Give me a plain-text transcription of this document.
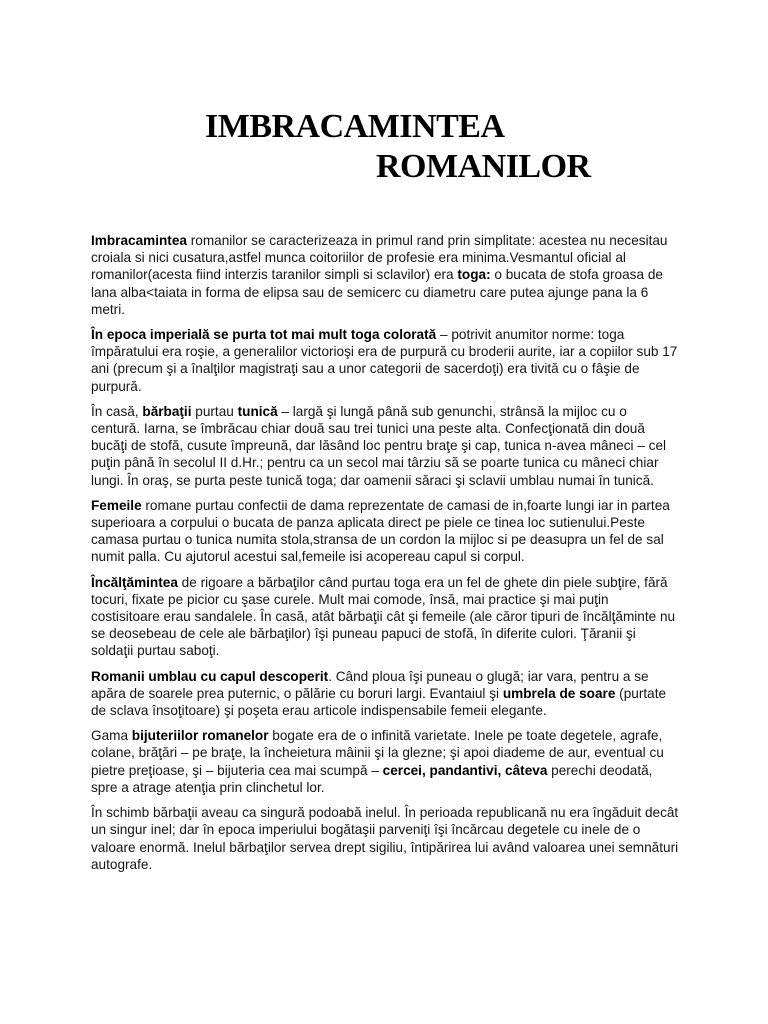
IMBRACAMINTEA
ROMANILOR

Imbracamintea romanilor se caracterizeaza in primul rand prin simplitate: acestea nu necesitau croiala si nici cusatura,astfel munca coitoriilor de profesie era minima.Vesmantul oficial al romanilor(acesta fiind interzis taranilor simpli si sclavilor) era toga: o bucata de stofa groasa de lana alba<taiata in forma de elipsa sau de semicerc cu diametru care putea ajunge pana la 6 metri.

În epoca imperială se purta tot mai mult toga colorată – potrivit anumitor norme: toga împăratului era roşie, a generalilor victorioşi era de purpură cu broderii aurite, iar a copiilor sub 17 ani (precum şi a înalţilor magistraţi sau a unor categorii de sacerdoţi) era tivită cu o fâşie de purpură.

În casă, bărbaţii purtau tunică – largă şi lungă până sub genunchi, strânsă la mijloc cu o centură. Iarna, se îmbrăcau chiar două sau trei tunici una peste alta. Confecţionată din două bucăţi de stofă, cusute împreună, dar lăsând loc pentru braţe şi cap, tunica n-avea mâneci – cel puţin până în secolul II d.Hr.; pentru ca un secol mai târziu să se poarte tunica cu mâneci chiar lungi. În oraş, se purta peste tunică toga; dar oamenii săraci şi sclavii umblau numai în tunică.

Femeile romane purtau confectii de dama reprezentate de camasi de in,foarte lungi iar in partea superioara a corpului o bucata de panza aplicata direct pe piele ce tinea loc sutienului.Peste camasa purtau o tunica numita stola,stransa de un cordon la mijloc si pe deasupra un fel de sal numit palla. Cu ajutorul acestui sal,femeile isi acopereau capul si corpul.

Încălţămintea de rigoare a bărbaţilor când purtau toga era un fel de ghete din piele subţire, fără tocuri, fixate pe picior cu şase curele. Mult mai comode, însă, mai practice şi mai puţin costisitoare erau sandalele. În casă, atât bărbaţii cât şi femeile (ale căror tipuri de încălţăminte nu se deosebeau de cele ale bărbaţilor) îşi puneau papuci de stofă, în diferite culori. Ţăranii şi soldaţii purtau saboţi.

Romanii umblau cu capul descoperit. Când ploua îşi puneau o glugă; iar vara, pentru a se apăra de soarele prea puternic, o pălărie cu boruri largi. Evantaiul şi umbrela de soare (purtate de sclava însoţitoare) şi poşeta erau articole indispensabile femeii elegante.

Gama bijuteriilor romanelor bogate era de o infinită varietate. Inele pe toate degetele, agrafe, colane, brăţări – pe braţe, la încheietura mâinii şi la glezne; şi apoi diademe de aur, eventual cu pietre preţioase, şi – bijuteria cea mai scumpă – cercei, pandantivi, câteva perechi deodată, spre a atrage atenţia prin clinchetul lor.

În schimb bărbaţii aveau ca singură podoabă inelul. În perioada republicană nu era îngăduit decât un singur inel; dar în epoca imperiului bogătaşii parveniţi îşi încărcau degetele cu inele de o valoare enormă. Inelul bărbaţilor servea drept sigiliu, întipărirea lui având valoarea unei semnături autografe.
